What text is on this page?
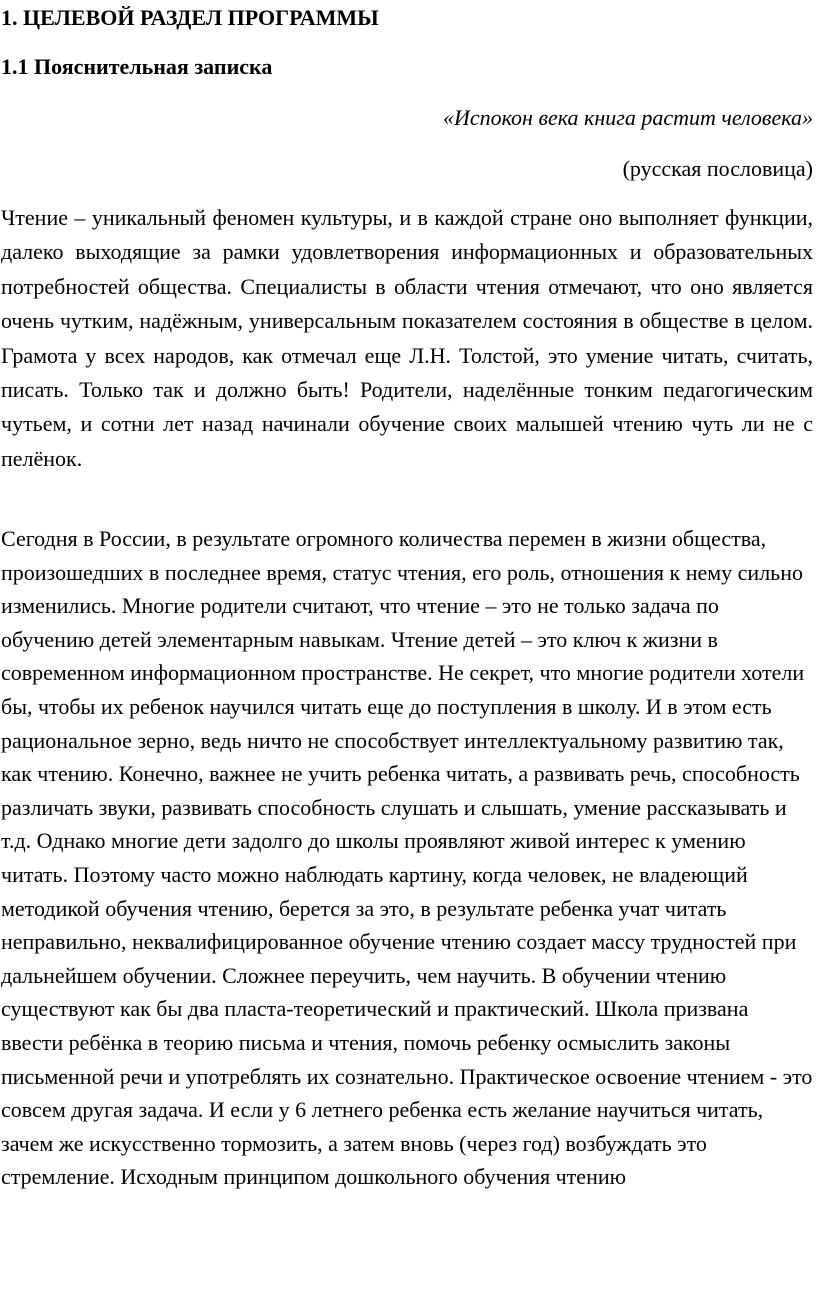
1. ЦЕЛЕВОЙ РАЗДЕЛ ПРОГРАММЫ
1.1 Пояснительная записка
«Испокон века книга растит человека»
(русская пословица)

Чтение – уникальный феномен культуры, и в каждой стране оно выполняет функции, далеко выходящие за рамки удовлетворения информационных и образовательных потребностей общества. Специалисты в области чтения отмечают, что оно является очень чутким, надёжным, универсальным показателем состояния в обществе в целом. Грамота у всех народов, как отмечал еще Л.Н. Толстой, это умение читать, считать, писать. Только так и должно быть! Родители, наделённые тонким педагогическим чутьем, и сотни лет назад начинали обучение своих малышей чтению чуть ли не с пелёнок.

Сегодня в России, в результате огромного количества перемен в жизни общества, произошедших в последнее время, статус чтения, его роль, отношения к нему сильно изменились. Многие родители считают, что чтение – это не только задача по обучению детей элементарным навыкам. Чтение детей – это ключ к жизни в современном информационном пространстве. Не секрет, что многие родители хотели бы, чтобы их ребенок научился читать еще до поступления в школу. И в этом есть рациональное зерно, ведь ничто не способствует интеллектуальному развитию так, как чтению. Конечно, важнее не учить ребенка читать, а развивать речь, способность различать звуки, развивать способность слушать и слышать, умение рассказывать и т.д. Однако многие дети задолго до школы проявляют живой интерес к умению читать. Поэтому часто можно наблюдать картину, когда человек, не владеющий методикой обучения чтению, берется за это, в результате ребенка учат читать неправильно, неквалифицированное обучение чтению создает массу трудностей при дальнейшем обучении. Сложнее переучить, чем научить. В обучении чтению существуют как бы два пласта-теоретический и практический. Школа призвана ввести ребёнка в теорию письма и чтения, помочь ребенку осмыслить законы письменной речи и употреблять их сознательно. Практическое освоение чтением - это совсем другая задача. И если у 6 летнего ребенка есть желание научиться читать, зачем же искусственно тормозить, а затем вновь (через год) возбуждать это стремление. Исходным принципом дошкольного обучения чтению
